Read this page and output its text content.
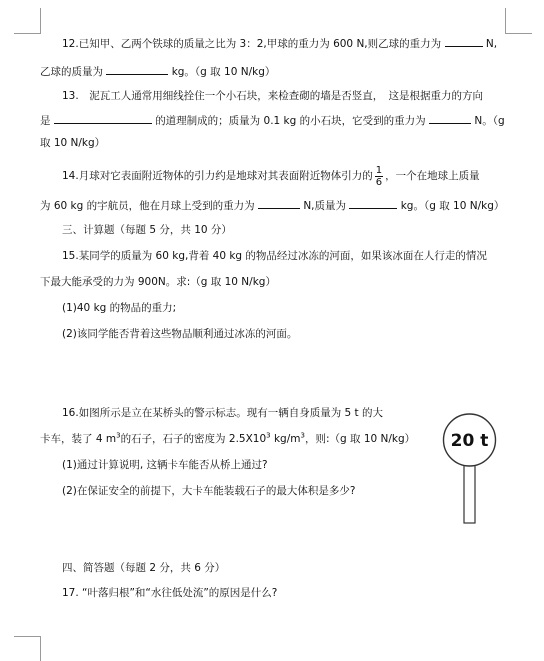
12.已知甲、乙两个铁球的质量之比为 3：2,甲球的重力为 600 N,则乙球的重力为	N,
乙球的质量为	kg。（g 取 10 N/kg）
13.　泥瓦工人通常用细线拴住一个小石块，来检查砌的墙是否竖直，　这是根据重力的方向
是	的道理制成的；质量为 0.1 kg 的小石块，它受到的重力为	N。（g
取 10 N/kg）
14.月球对它表面附近物体的引力约是地球对其表面附近物体引力的 $\frac{1}{6}$ ，一个在地球上质量
为 60 kg 的宇航员，他在月球上受到的重力为	N,质量为	kg。（g 取 10 N/kg）
三、计算题（每题 5 分，共 10 分）
15.某同学的质量为 60 kg,背着 40 kg 的物品经过冰冻的河面，如果该冰面在人行走的情况
下最大能承受的力为 900N。求:（g 取 10 N/kg）
(1)40 kg 的物品的重力;
(2)该同学能否背着这些物品顺利通过冰冻的河面。
16.如图所示是立在某桥头的警示标志。现有一辆自身质量为 5 t 的大
卡车，装了 4 $m^3$的石子，石子的密度为 $2.5X10^3$ $kg/m^3$，则:（g 取 10 N/kg）
(1)通过计算说明, 这辆卡车能否从桥上通过?
(2)在保证安全的前提下，大卡车能装载石子的最大体积是多少?
20 t
四、简答题（每题 2 分，共 6 分）
17. “叶落归根”和“水往低处流”的原因是什么?
